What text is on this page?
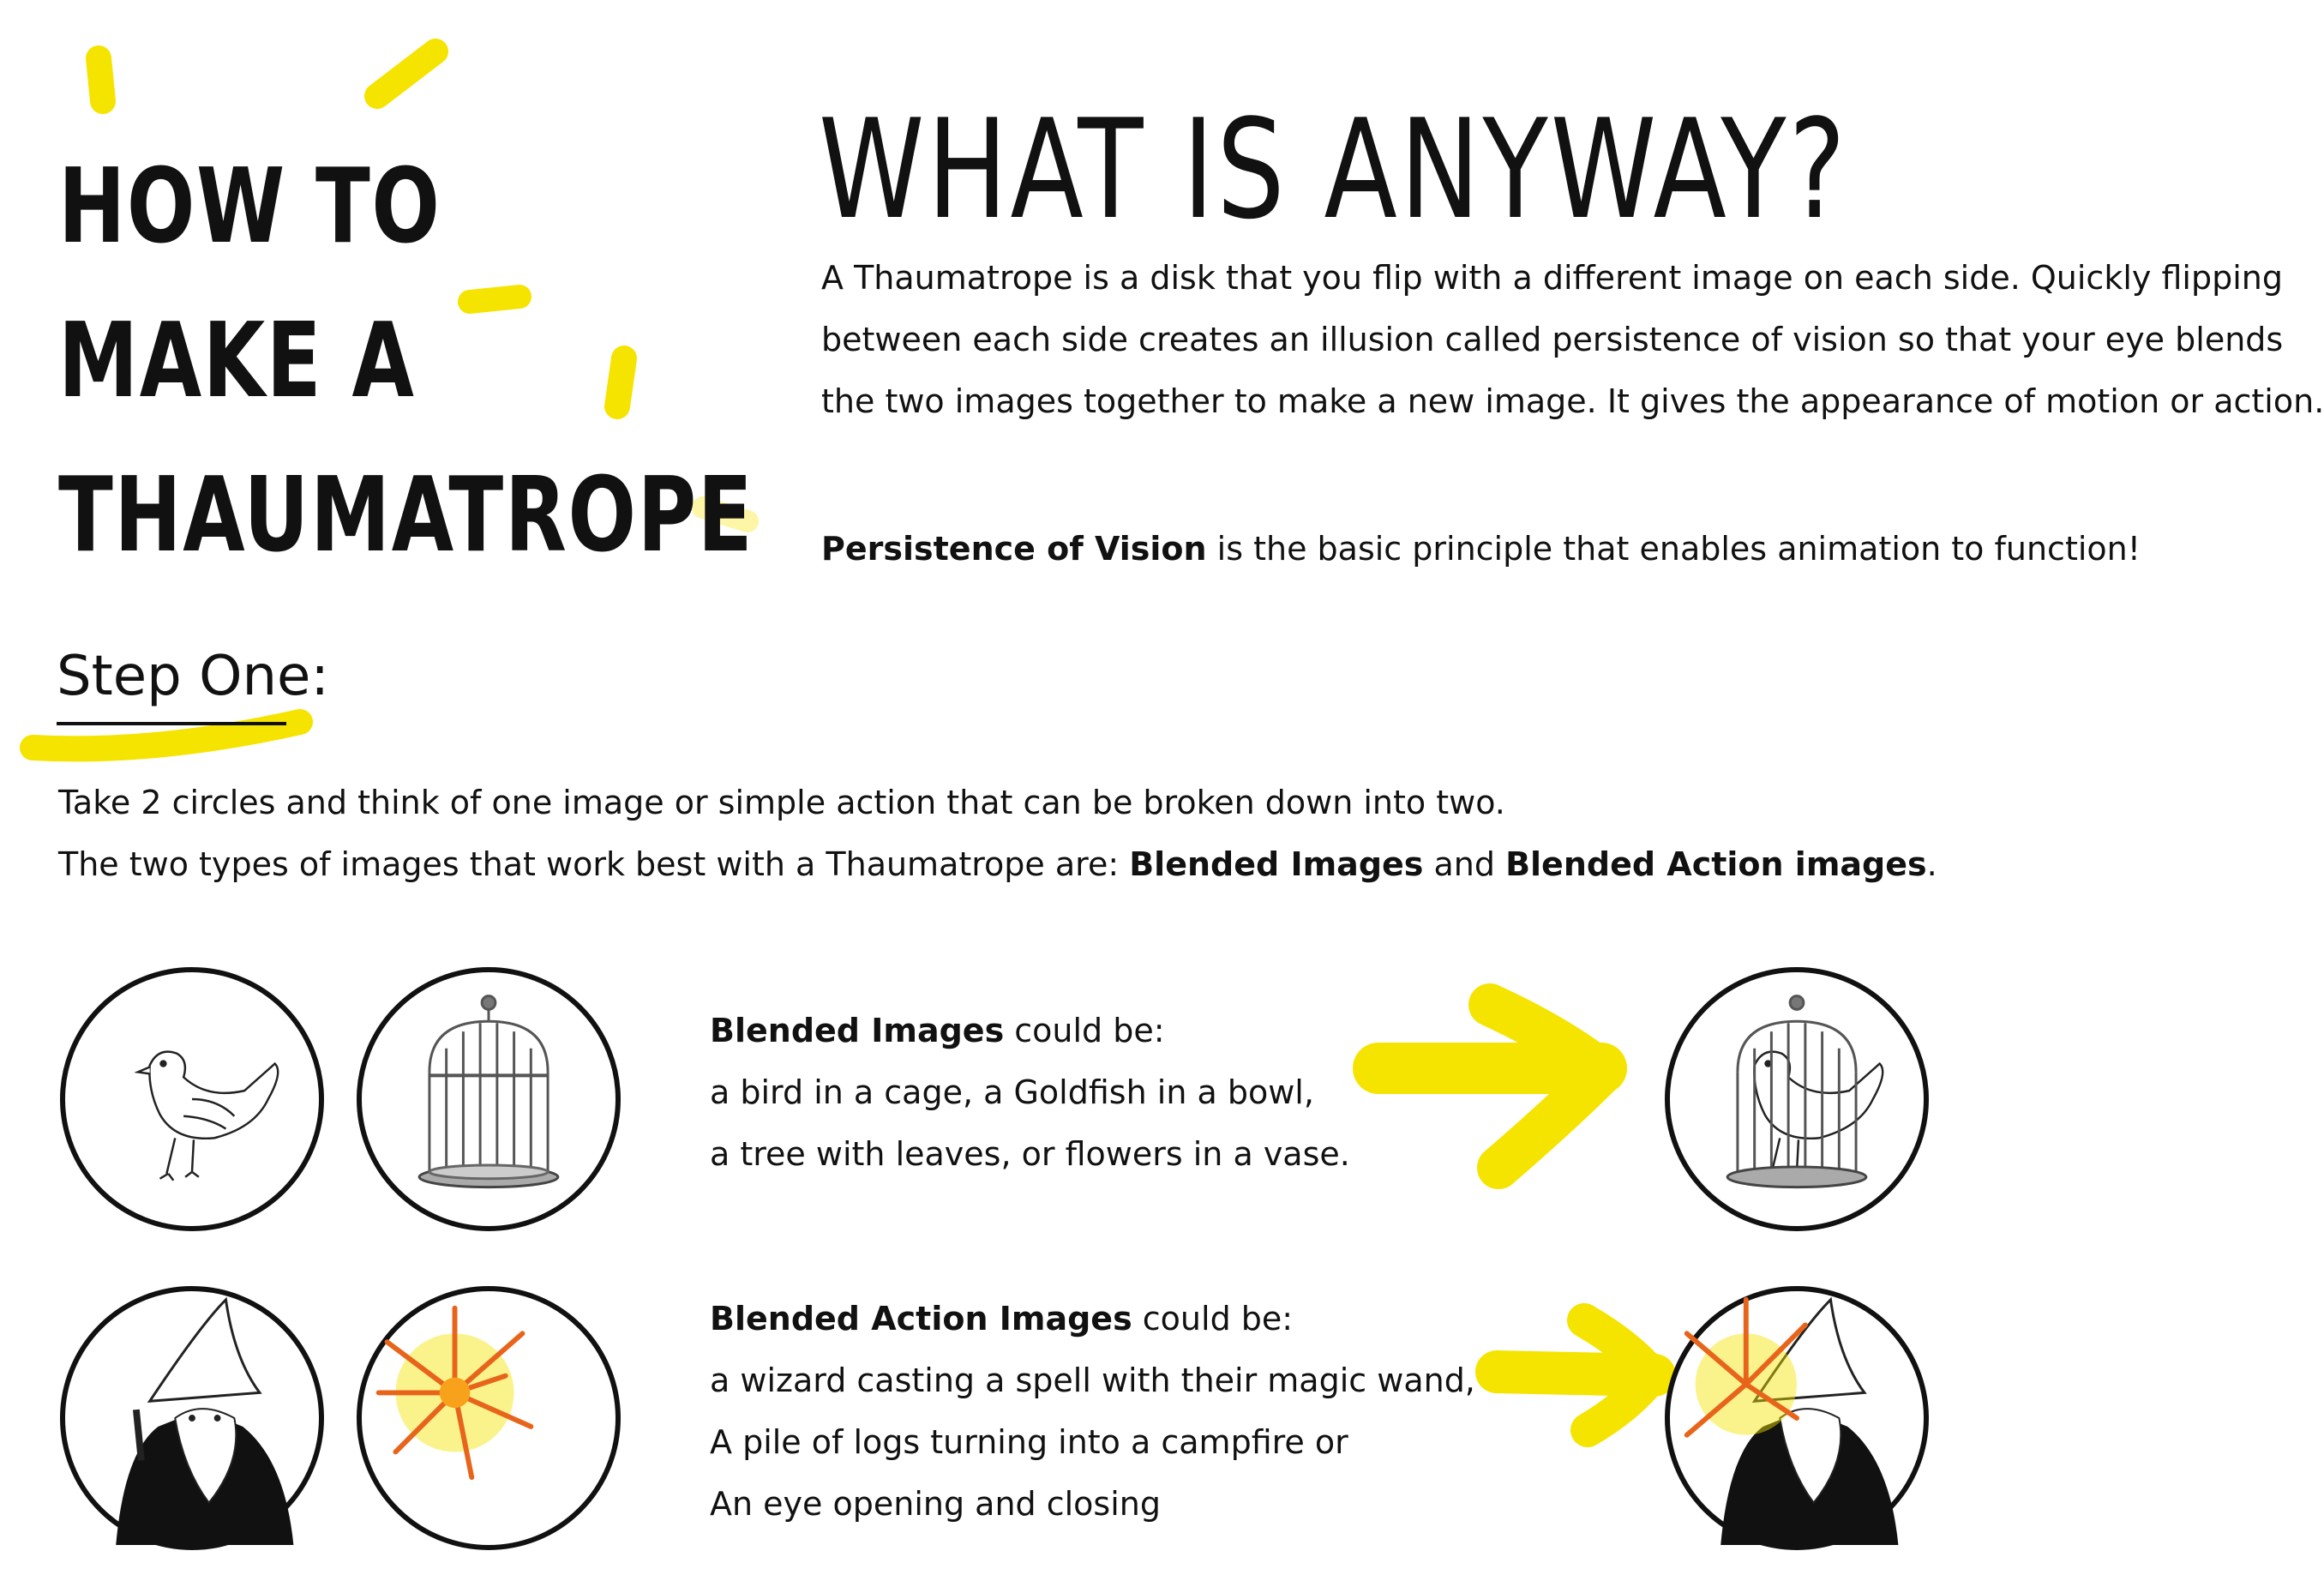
HOW TO
MAKE A
THAUMATROPE
WHAT IS ANYWAY?
A Thaumatrope is a disk that you flip with a different image on each side. Quickly flipping
between each side creates an illusion called persistence of vision so that your eye blends
the two images together to make a new image. It gives the appearance of motion or action.
Persistence of Vision is the basic principle that enables animation to function!
Step One:
Take 2 circles and think of one image or simple action that can be broken down into two.
The two types of images that work best with a Thaumatrope are: Blended Images and Blended Action images.
Blended Images could be:
a bird in a cage, a Goldfish in a bowl,
a tree with leaves, or flowers in a vase.
Blended Action Images could be:
a wizard casting a spell with their magic wand,
A pile of logs turning into a campfire or
An eye opening and closing
